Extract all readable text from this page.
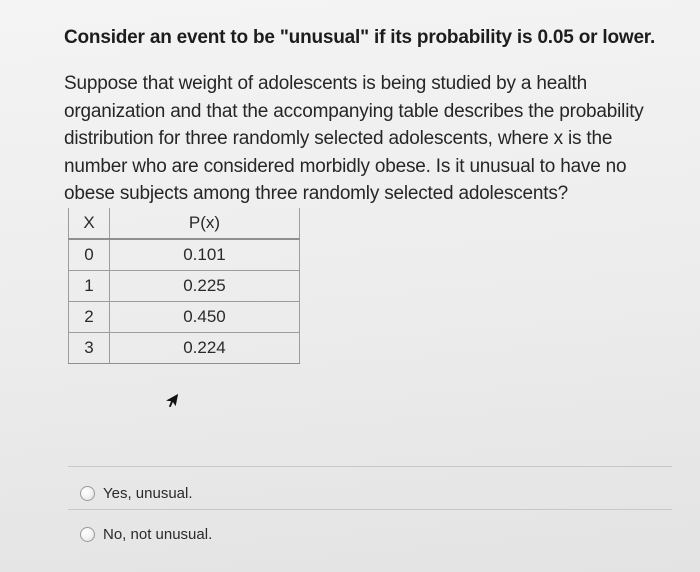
Consider an event to be "unusual" if its probability is 0.05 or lower.

Suppose that weight of adolescents is being studied by a health organization and that the accompanying table describes the probability distribution for three randomly selected adolescents, where x is the number who are considered morbidly obese. Is it unusual to have no obese subjects among three randomly selected adolescents?

X	P(x)
0	0.101
1	0.225
2	0.450
3	0.224
Yes, unusual.
No, not unusual.
